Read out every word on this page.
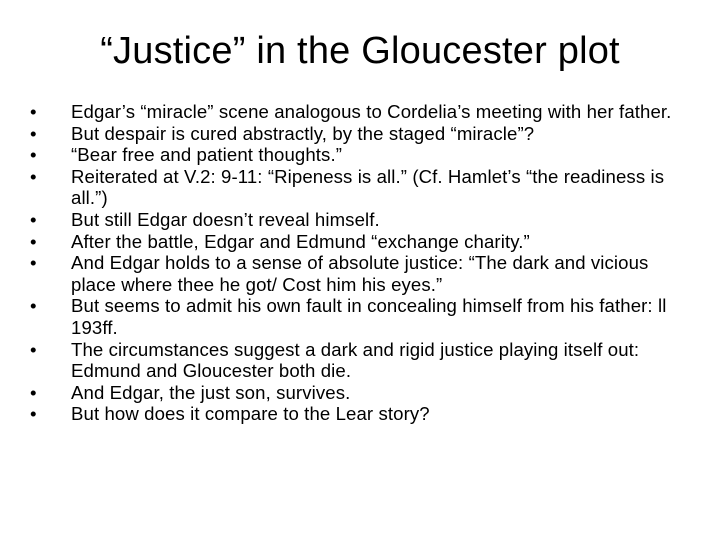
“Justice” in the Gloucester plot
• Edgar’s “miracle” scene analogous to Cordelia’s meeting with her father.
• But despair is cured abstractly, by the staged “miracle”?
• “Bear free and patient thoughts.”
• Reiterated at V.2: 9-11: “Ripeness is all.” (Cf. Hamlet’s “the readiness is all.”)
• But still Edgar doesn’t reveal himself.
• After the battle, Edgar and Edmund “exchange charity.”
• And Edgar holds to a sense of absolute justice: “The dark and vicious place where thee he got/ Cost him his eyes.”
• But seems to admit his own fault in concealing himself from his father: ll 193ff.
• The circumstances suggest a dark and rigid justice playing itself out: Edmund and Gloucester both die.
• And Edgar, the just son, survives.
• But how does it compare to the Lear story?
